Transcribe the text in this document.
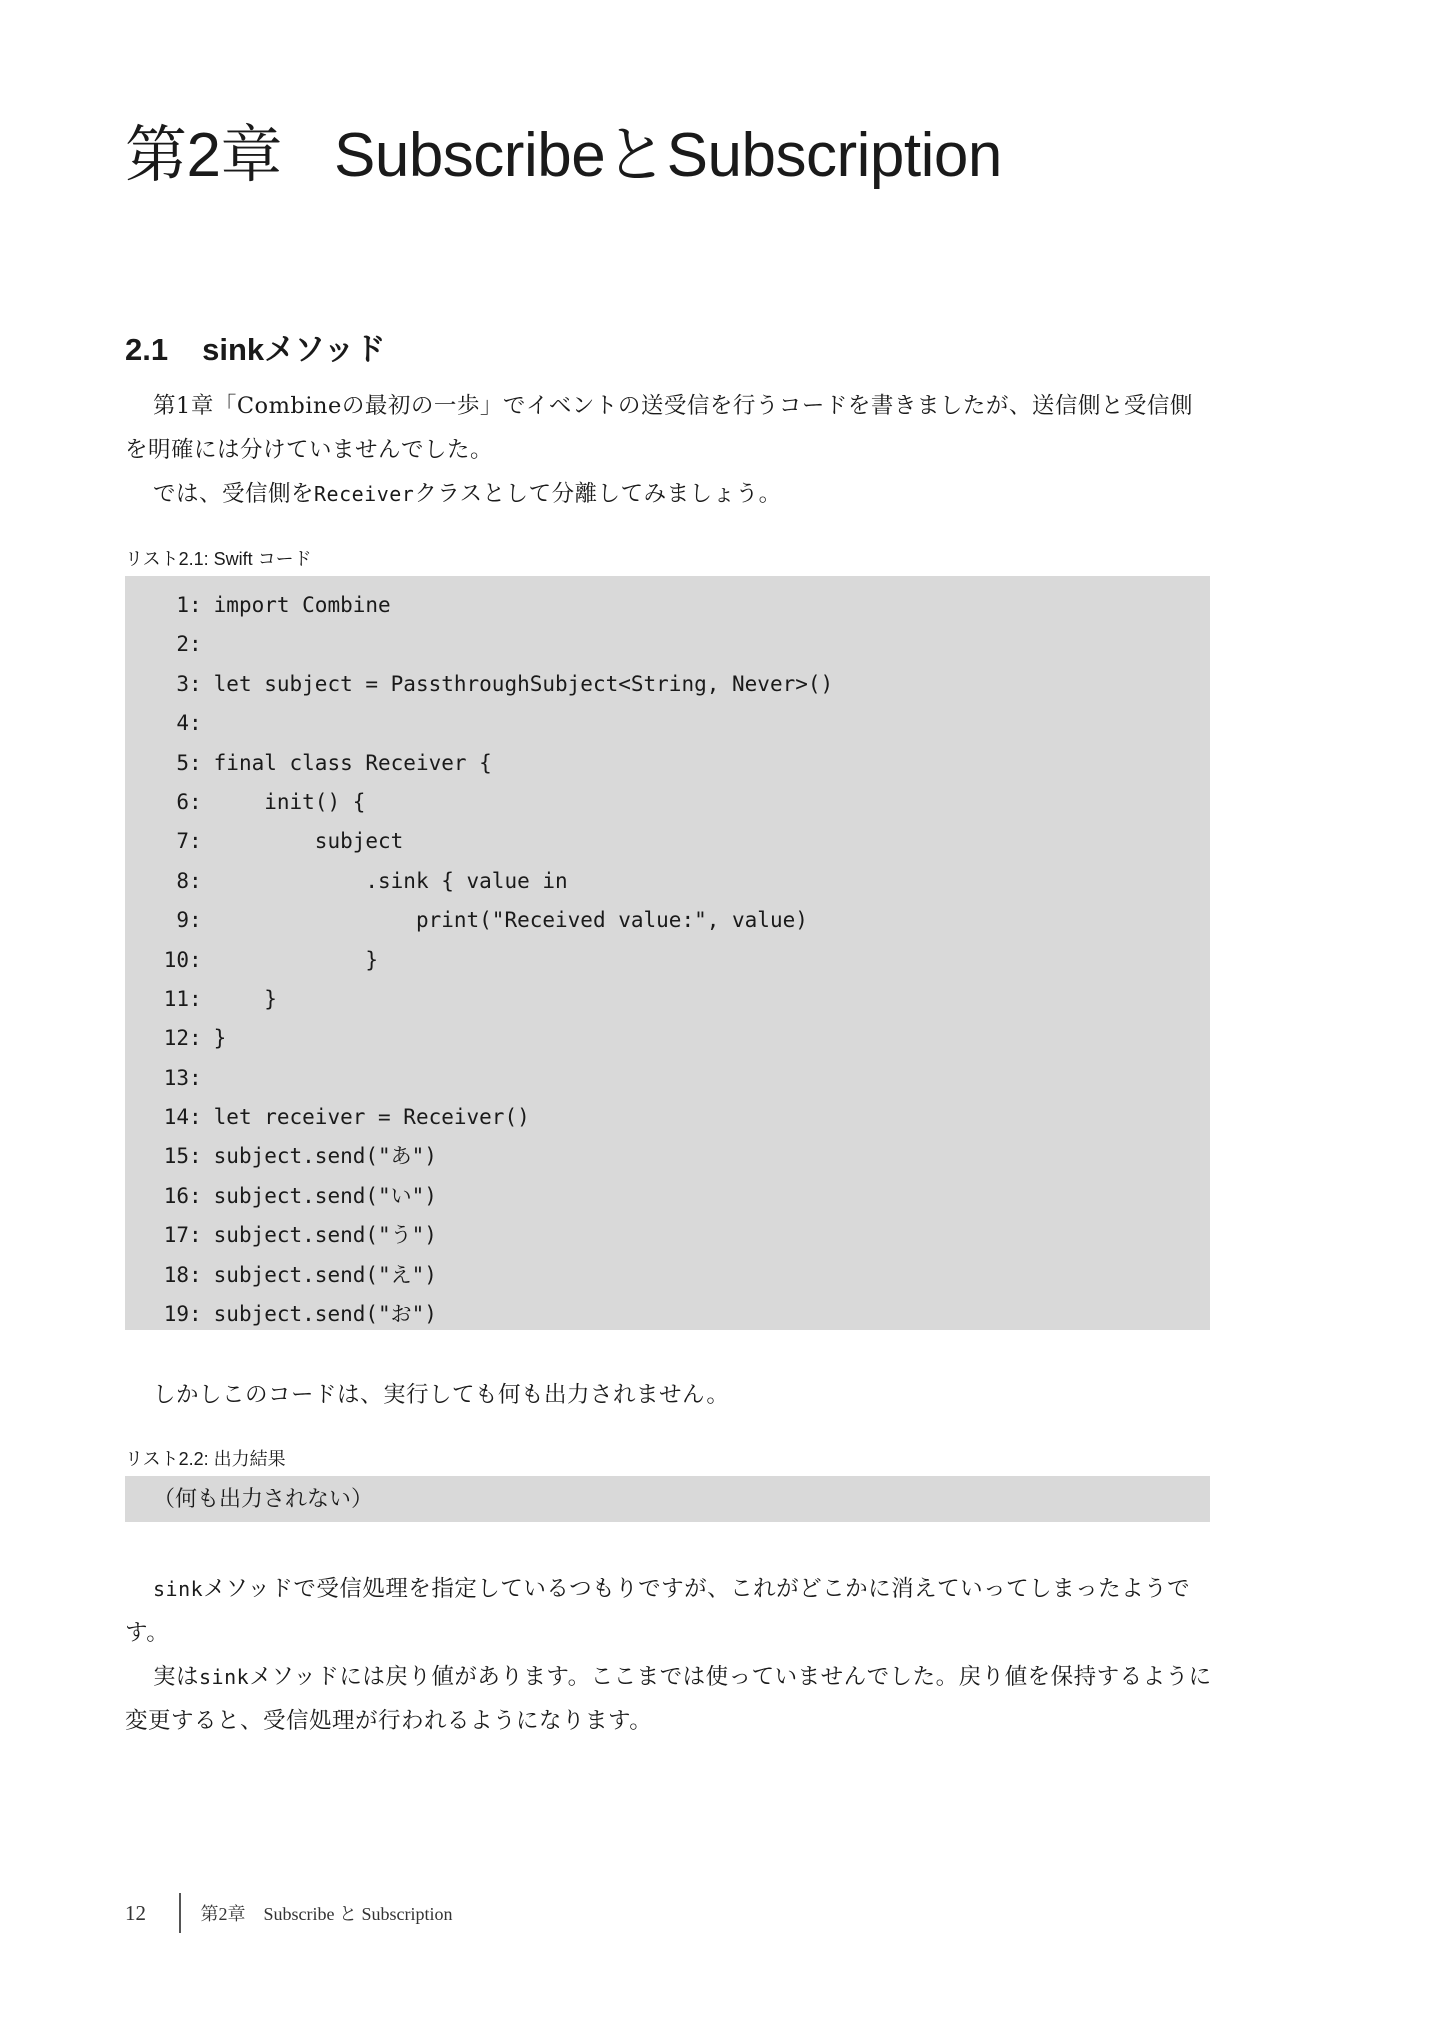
第2章 SubscribeとSubscription
2.1 sinkメソッド

第1章「Combineの最初の一歩」でイベントの送受信を行うコードを書きましたが、送信側と受信側を明確には分けていませんでした。

では、受信側をReceiverクラスとして分離してみましょう。

リスト2.1: Swift コード

1 :
import Combine
2 :

3 :
let subject = PassthroughSubject<String, Never>()
4 :

5 :
final class Receiver {
6 :
init() {
7 :
subject
8 :
.sink { value in
9 :
print("Received value:", value)
10 :
}
11 :
}
12 :
}
13 :

14 :
let receiver = Receiver()
15 :
subject.send("あ")
16 :
subject.send("い")
17 :
subject.send("う")
18 :
subject.send("え")
19 :
subject.send("お")

しかしこのコードは、実行しても何も出力されません。

リスト2.2: 出力結果

（何も出力されない）

sinkメソッドで受信処理を指定しているつもりですが、これがどこかに消えていってしまったようです。

実はsinkメソッドには戻り値があります。ここまでは使っていませんでした。戻り値を保持するように変更すると、受信処理が行われるようになります。

12	第2章　Subscribe と Subscription
